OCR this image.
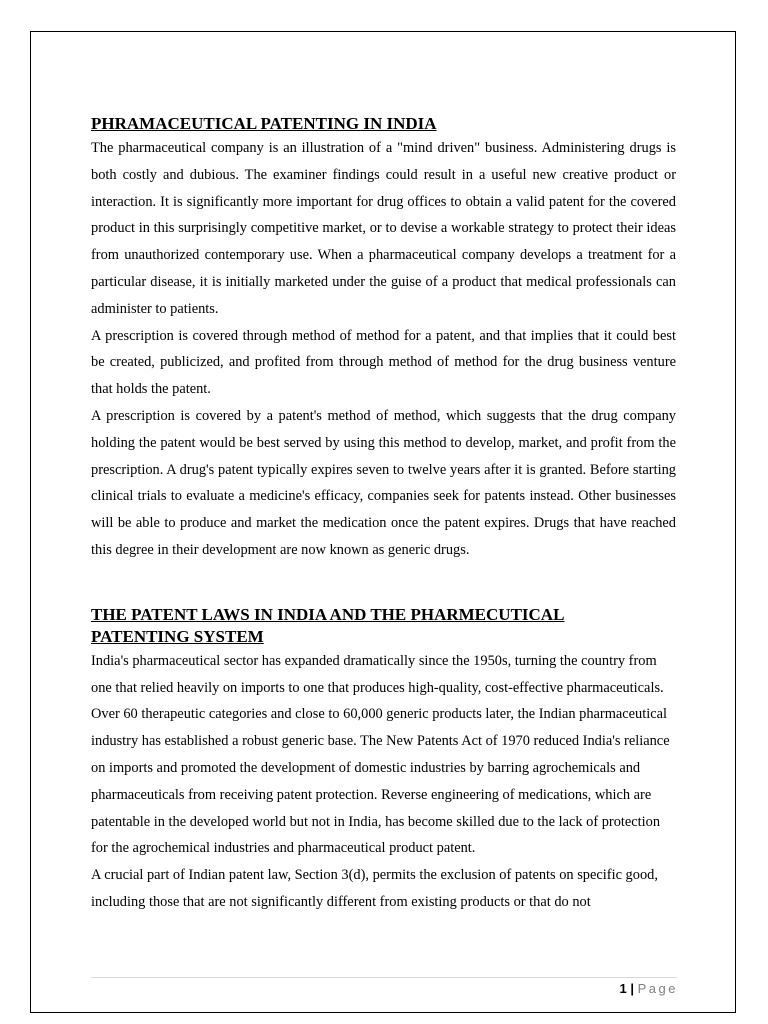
PHRAMACEUTICAL PATENTING IN INDIA

The pharmaceutical company is an illustration of a "mind driven" business. Administering drugs is both costly and dubious. The examiner findings could result in a useful new creative product or interaction. It is significantly more important for drug offices to obtain a valid patent for the covered product in this surprisingly competitive market, or to devise a workable strategy to protect their ideas from unauthorized contemporary use. When a pharmaceutical company develops a treatment for a particular disease, it is initially marketed under the guise of a product that medical professionals can administer to patients.

A prescription is covered through method of method for a patent, and that implies that it could best be created, publicized, and profited from through method of method for the drug business venture that holds the patent.

A prescription is covered by a patent's method of method, which suggests that the drug company holding the patent would be best served by using this method to develop, market, and profit from the prescription. A drug's patent typically expires seven to twelve years after it is granted. Before starting clinical trials to evaluate a medicine's efficacy, companies seek for patents instead. Other businesses will be able to produce and market the medication once the patent expires. Drugs that have reached this degree in their development are now known as generic drugs.

THE PATENT LAWS IN INDIA AND THE PHARMECUTICAL PATENTING SYSTEM

India's pharmaceutical sector has expanded dramatically since the 1950s, turning the country from one that relied heavily on imports to one that produces high-quality, cost-effective pharmaceuticals. Over 60 therapeutic categories and close to 60,000 generic products later, the Indian pharmaceutical industry has established a robust generic base. The New Patents Act of 1970 reduced India's reliance on imports and promoted the development of domestic industries by barring agrochemicals and pharmaceuticals from receiving patent protection. Reverse engineering of medications, which are patentable in the developed world but not in India, has become skilled due to the lack of protection for the agrochemical industries and pharmaceutical product patent.

A crucial part of Indian patent law, Section 3(d), permits the exclusion of patents on specific good, including those that are not significantly different from existing products or that do not

1 | Page
